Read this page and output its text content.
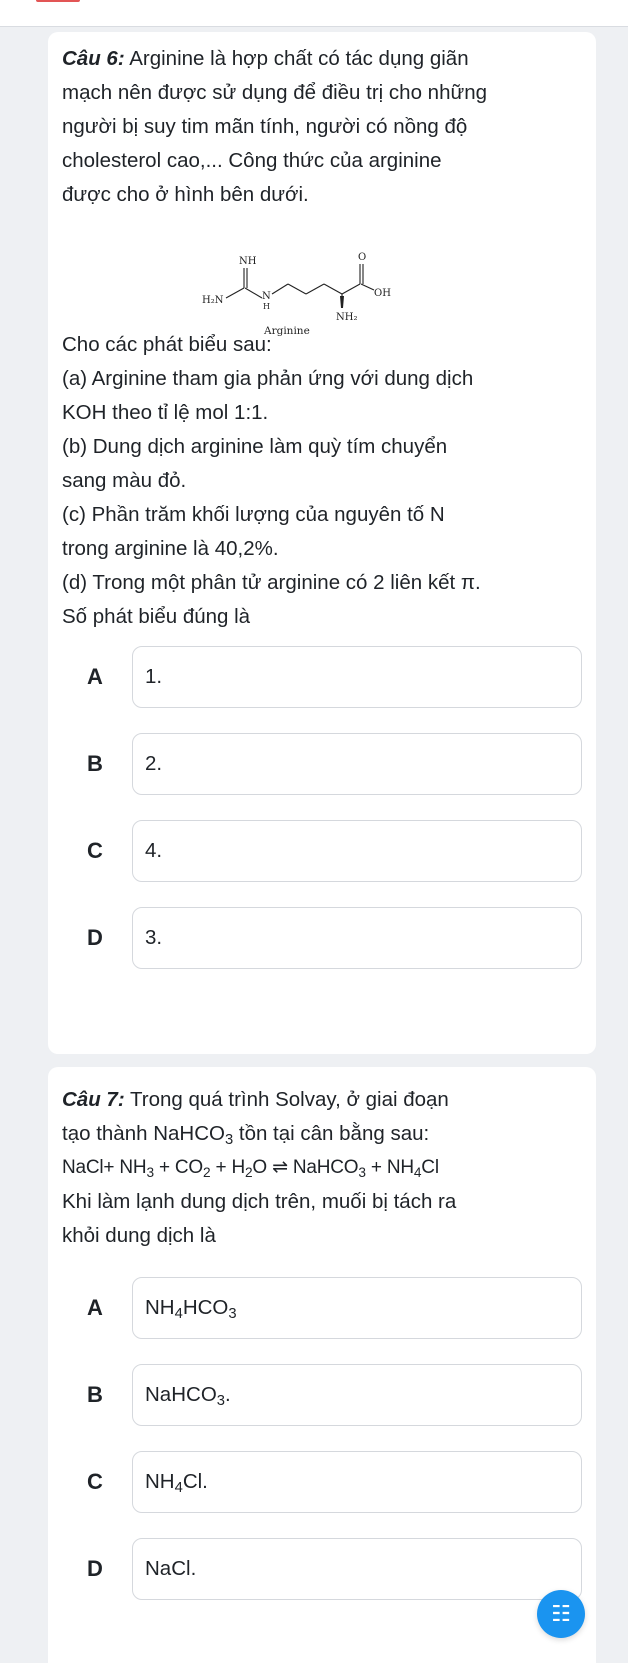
Câu 6: Arginine là hợp chất có tác dụng giãn
mạch nên được sử dụng để điều trị cho những
người bị suy tim mãn tính, người có nồng độ
cholesterol cao,... Công thức của arginine
được cho ở hình bên dưới.

NH
H₂N	N
H
O
OH
NH₂
Arginine
Cho các phát biểu sau:
(a) Arginine tham gia phản ứng với dung dịch
KOH theo tỉ lệ mol 1:1.
(b) Dung dịch arginine làm quỳ tím chuyển
sang màu đỏ.
(c) Phần trăm khối lượng của nguyên tố N
trong arginine là 40,2%.
(d) Trong một phân tử arginine có 2 liên kết π.
Số phát biểu đúng là
A	1.
B	2.
C	4.
D	3.

Câu 7: Trong quá trình Solvay, ở giai đoạn
tạo thành NaHCO$_3$ tồn tại cân bằng sau:
NaCl+ $NH_3 + CO_2 + H_2O$ ⇌ NaHCO$_3$ + $NH_4Cl$
Khi làm lạnh dung dịch trên, muối bị tách ra
khỏi dung dịch là

A	$NH_4HCO_3$
B	NaHCO$_3$.
C	$NH_4Cl$.
D	NaCl.
☷
